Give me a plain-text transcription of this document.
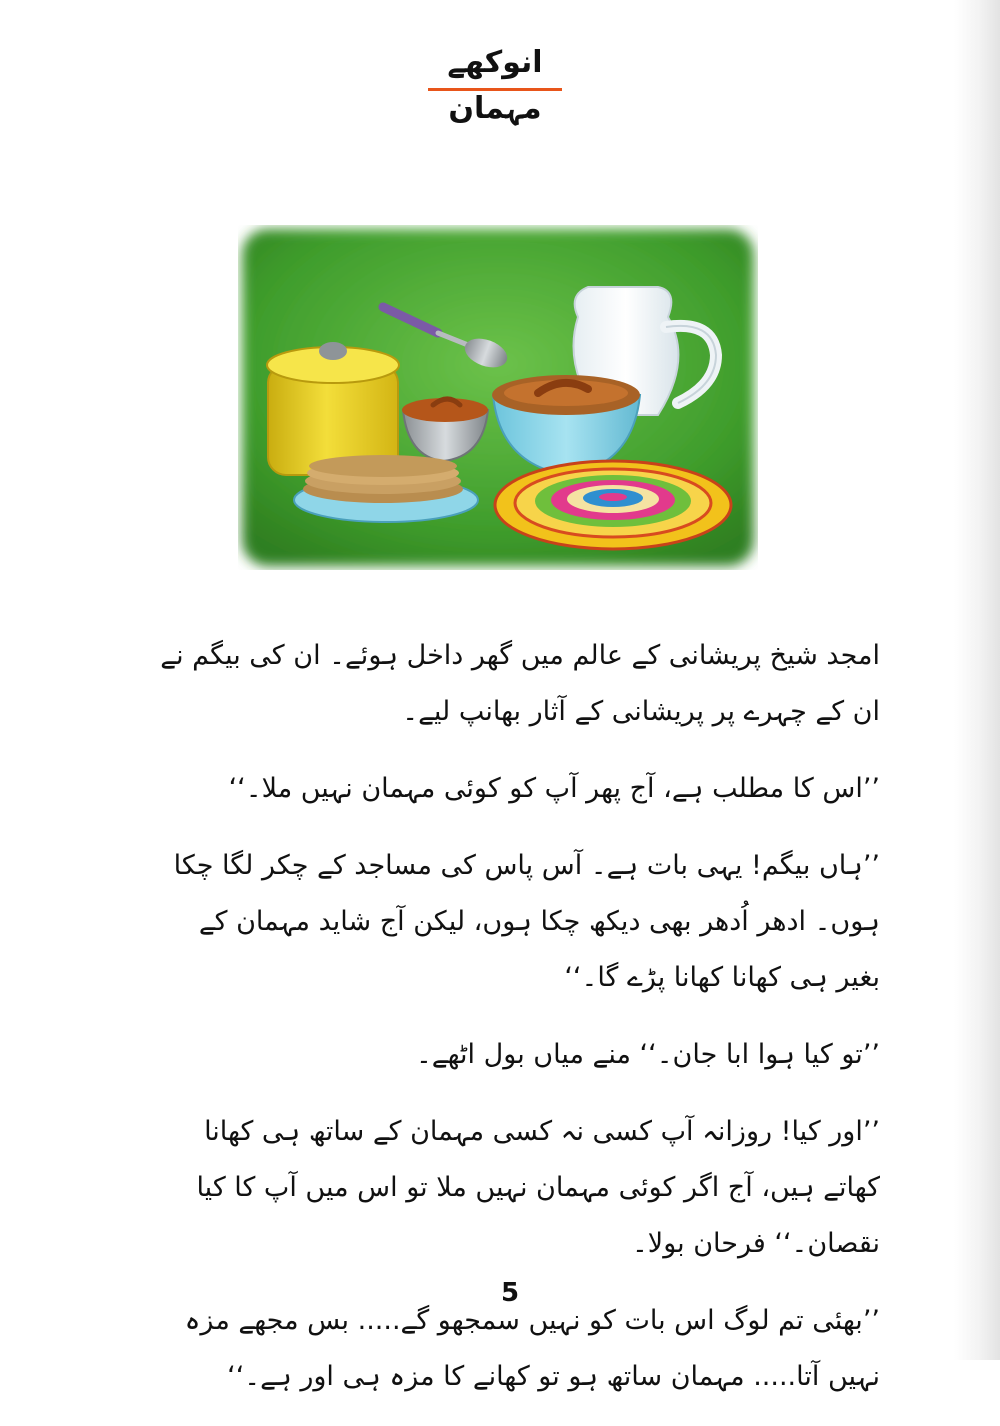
انوکھے مہمان

امجد شیخ پریشانی کے عالم میں گھر داخل ہوئے۔ ان کی بیگم نے ان کے چہرے پر پریشانی کے آثار بھانپ لیے۔

’’اس کا مطلب ہے، آج پھر آپ کو کوئی مہمان نہیں ملا۔‘‘

’’ہاں بیگم! یہی بات ہے۔ آس پاس کی مساجد کے چکر لگا چکا ہوں۔ ادھر اُدھر بھی دیکھ چکا ہوں، لیکن آج شاید مہمان کے بغیر ہی کھانا کھانا پڑے گا۔‘‘

’’تو کیا ہوا ابا جان۔‘‘ منے میاں بول اٹھے۔

’’اور کیا! روزانہ آپ کسی نہ کسی مہمان کے ساتھ ہی کھانا کھاتے ہیں، آج اگر کوئی مہمان نہیں ملا تو اس میں آپ کا کیا نقصان۔‘‘ فرحان بولا۔

’’بھئی تم لوگ اس بات کو نہیں سمجھو گے..... بس مجھے مزہ نہیں آتا..... مہمان ساتھ ہو تو کھانے کا مزہ ہی اور ہے۔‘‘

5
